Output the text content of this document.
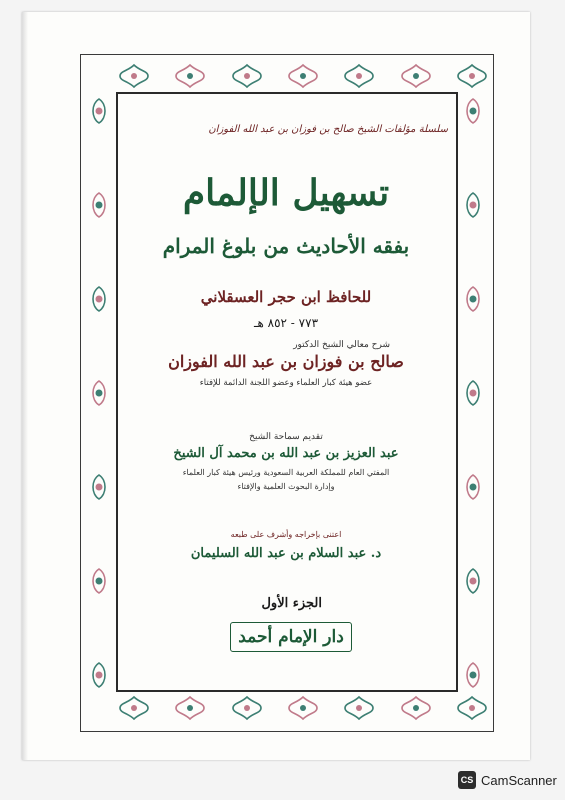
سلسلة مؤلفات الشيخ صالح بن فوزان بن عبد الله الفوزان
تسهيل الإلمام
بفقه الأحاديث من بلوغ المرام
للحافظ ابن حجر العسقلاني
٧٧٣ - ٨٥٢ هـ
شرح معالي الشيخ الدكتور
صالح بن فوزان بن عبد الله الفوزان
عضو هيئة كبار العلماء وعضو اللجنة الدائمة للإفتاء
تقديم سماحة الشيخ
عبد العزيز بن عبد الله بن محمد آل الشيخ
المفتي العام للمملكة العربية السعودية ورئيس هيئة كبار العلماء
وإدارة البحوث العلمية والإفتاء
اعتنى بإخراجه وأشرف على طبعه
د. عبد السلام بن عبد الله السليمان
الجزء الأول
دار الإمام أحمد
CS CamScanner
